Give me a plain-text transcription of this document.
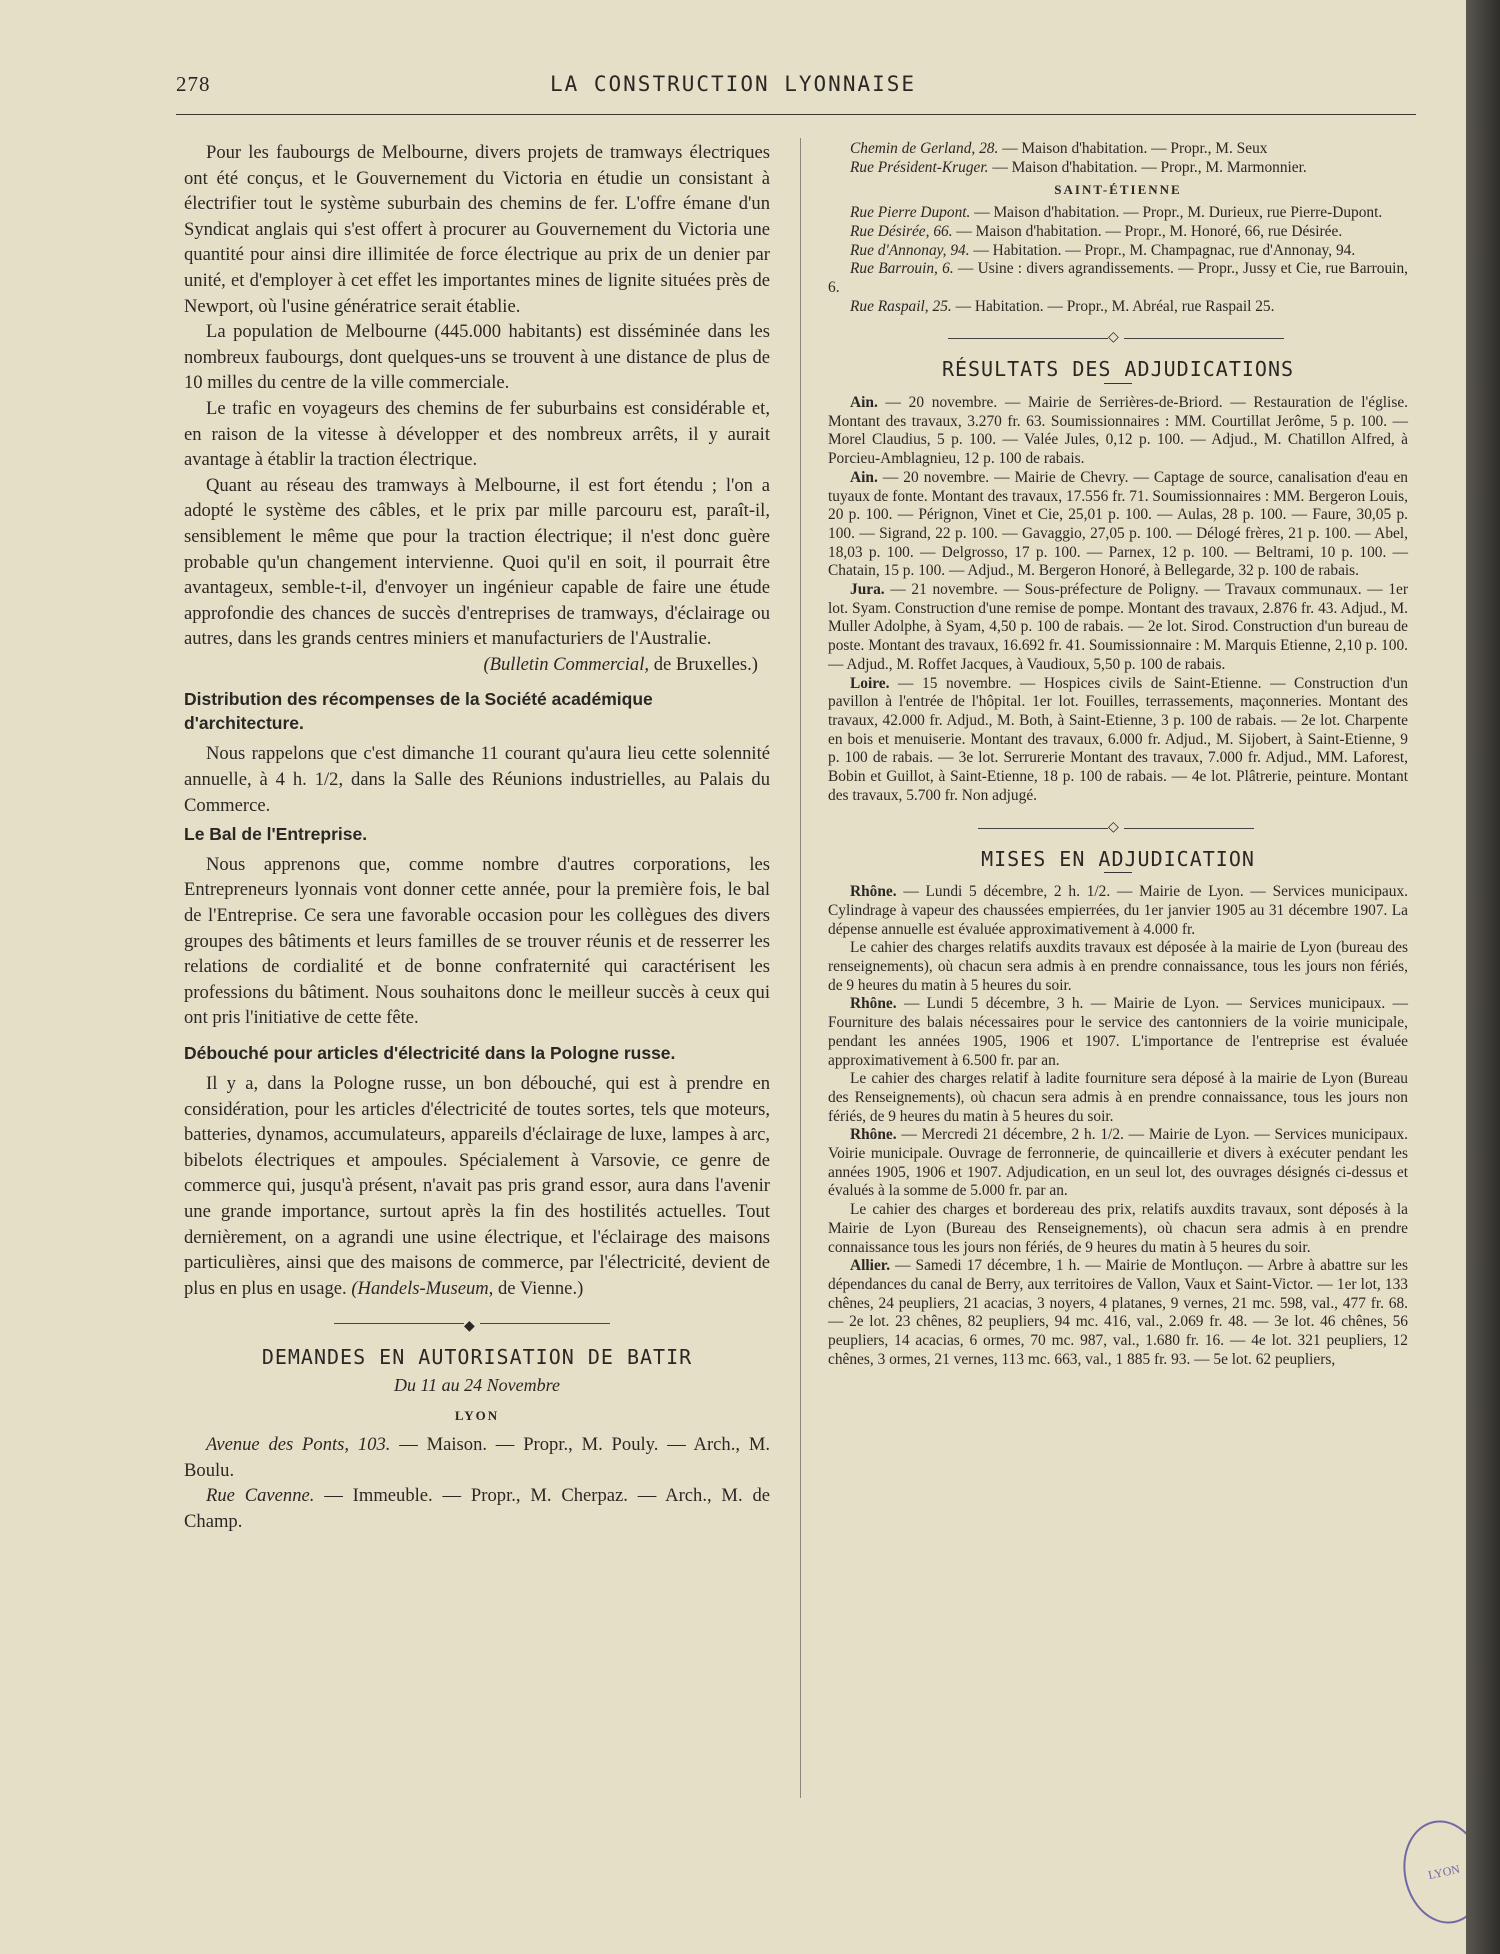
278	LA CONSTRUCTION LYONNAISE

Pour les faubourgs de Melbourne, divers projets de tramways électriques ont été conçus, et le Gouvernement du Victoria en étudie un consistant à électrifier tout le système suburbain des chemins de fer. L'offre émane d'un Syndicat anglais qui s'est offert à procurer au Gouvernement du Victoria une quantité pour ainsi dire illimitée de force électrique au prix de un denier par unité, et d'employer à cet effet les importantes mines de lignite situées près de Newport, où l'usine génératrice serait établie.

La population de Melbourne (445.000 habitants) est disséminée dans les nombreux faubourgs, dont quelques-uns se trouvent à une distance de plus de 10 milles du centre de la ville commerciale.

Le trafic en voyageurs des chemins de fer suburbains est considérable et, en raison de la vitesse à développer et des nombreux arrêts, il y aurait avantage à établir la traction électrique.

Quant au réseau des tramways à Melbourne, il est fort étendu ; l'on a adopté le système des câbles, et le prix par mille parcouru est, paraît-il, sensiblement le même que pour la traction électrique; il n'est donc guère probable qu'un changement intervienne. Quoi qu'il en soit, il pourrait être avantageux, semble-t-il, d'envoyer un ingénieur capable de faire une étude approfondie des chances de succès d'entreprises de tramways, d'éclairage ou autres, dans les grands centres miniers et manufacturiers de l'Australie.

(Bulletin Commercial, de Bruxelles.)

Distribution des récompenses de la Société académique d'architecture.

Nous rappelons que c'est dimanche 11 courant qu'aura lieu cette solennité annuelle, à 4 h. 1/2, dans la Salle des Réunions industrielles, au Palais du Commerce.

Le Bal de l'Entreprise.

Nous apprenons que, comme nombre d'autres corporations, les Entrepreneurs lyonnais vont donner cette année, pour la première fois, le bal de l'Entreprise. Ce sera une favorable occasion pour les collègues des divers groupes des bâtiments et leurs familles de se trouver réunis et de resserrer les relations de cordialité et de bonne confraternité qui caractérisent les professions du bâtiment. Nous souhaitons donc le meilleur succès à ceux qui ont pris l'initiative de cette fête.

Débouché pour articles d'électricité dans la Pologne russe.

Il y a, dans la Pologne russe, un bon débouché, qui est à prendre en considération, pour les articles d'électricité de toutes sortes, tels que moteurs, batteries, dynamos, accumulateurs, appareils d'éclairage de luxe, lampes à arc, bibelots électriques et ampoules. Spécialement à Varsovie, ce genre de commerce qui, jusqu'à présent, n'avait pas pris grand essor, aura dans l'avenir une grande importance, surtout après la fin des hostilités actuelles. Tout dernièrement, on a agrandi une usine électrique, et l'éclairage des maisons particulières, ainsi que des maisons de commerce, par l'électricité, devient de plus en plus en usage. (Handels-Museum, de Vienne.)

◆
DEMANDES EN AUTORISATION DE BATIR
Du 11 au 24 Novembre
LYON

Avenue des Ponts, 103. — Maison. — Propr., M. Pouly. — Arch., M. Boulu.

Rue Cavenne. — Immeuble. — Propr., M. Cherpaz. — Arch., M. de Champ.

Chemin de Gerland, 28. — Maison d'habitation. — Propr., M. Seux

Rue Président-Kruger. — Maison d'habitation. — Propr., M. Marmonnier.

SAINT-ÉTIENNE

Rue Pierre Dupont. — Maison d'habitation. — Propr., M. Durieux, rue Pierre-Dupont.

Rue Désirée, 66. — Maison d'habitation. — Propr., M. Honoré, 66, rue Désirée.

Rue d'Annonay, 94. — Habitation. — Propr., M. Champagnac, rue d'Annonay, 94.

Rue Barrouin, 6. — Usine : divers agrandissements. — Propr., Jussy et Cie, rue Barrouin, 6.

Rue Raspail, 25. — Habitation. — Propr., M. Abréal, rue Raspail 25.

◇
RÉSULTATS DES ADJUDICATIONS

Ain. — 20 novembre. — Mairie de Serrières-de-Briord. — Restauration de l'église. Montant des travaux, 3.270 fr. 63. Soumissionnaires : MM. Courtillat Jerôme, 5 p. 100. — Morel Claudius, 5 p. 100. — Valée Jules, 0,12 p. 100. — Adjud., M. Chatillon Alfred, à Porcieu-Amblagnieu, 12 p. 100 de rabais.

Ain. — 20 novembre. — Mairie de Chevry. — Captage de source, canalisation d'eau en tuyaux de fonte. Montant des travaux, 17.556 fr. 71. Soumissionnaires : MM. Bergeron Louis, 20 p. 100. — Pérignon, Vinet et Cie, 25,01 p. 100. — Aulas, 28 p. 100. — Faure, 30,05 p. 100. — Sigrand, 22 p. 100. — Gavaggio, 27,05 p. 100. — Délogé frères, 21 p. 100. — Abel, 18,03 p. 100. — Delgrosso, 17 p. 100. — Parnex, 12 p. 100. — Beltrami, 10 p. 100. — Chatain, 15 p. 100. — Adjud., M. Bergeron Honoré, à Bellegarde, 32 p. 100 de rabais.

Jura. — 21 novembre. — Sous-préfecture de Poligny. — Travaux communaux. — 1er lot. Syam. Construction d'une remise de pompe. Montant des travaux, 2.876 fr. 43. Adjud., M. Muller Adolphe, à Syam, 4,50 p. 100 de rabais. — 2e lot. Sirod. Construction d'un bureau de poste. Montant des travaux, 16.692 fr. 41. Soumissionnaire : M. Marquis Etienne, 2,10 p. 100. — Adjud., M. Roffet Jacques, à Vaudioux, 5,50 p. 100 de rabais.

Loire. — 15 novembre. — Hospices civils de Saint-Etienne. — Construction d'un pavillon à l'entrée de l'hôpital. 1er lot. Fouilles, terrassements, maçonneries. Montant des travaux, 42.000 fr. Adjud., M. Both, à Saint-Etienne, 3 p. 100 de rabais. — 2e lot. Charpente en bois et menuiserie. Montant des travaux, 6.000 fr. Adjud., M. Sijobert, à Saint-Etienne, 9 p. 100 de rabais. — 3e lot. Serrurerie Montant des travaux, 7.000 fr. Adjud., MM. Laforest, Bobin et Guillot, à Saint-Etienne, 18 p. 100 de rabais. — 4e lot. Plâtrerie, peinture. Montant des travaux, 5.700 fr. Non adjugé.

◇
MISES EN ADJUDICATION

Rhône. — Lundi 5 décembre, 2 h. 1/2. — Mairie de Lyon. — Services municipaux. Cylindrage à vapeur des chaussées empierrées, du 1er janvier 1905 au 31 décembre 1907. La dépense annuelle est évaluée approximativement à 4.000 fr.

Le cahier des charges relatifs auxdits travaux est déposée à la mairie de Lyon (bureau des renseignements), où chacun sera admis à en prendre connaissance, tous les jours non fériés, de 9 heures du matin à 5 heures du soir.

Rhône. — Lundi 5 décembre, 3 h. — Mairie de Lyon. — Services municipaux. — Fourniture des balais nécessaires pour le service des cantonniers de la voirie municipale, pendant les années 1905, 1906 et 1907. L'importance de l'entreprise est évaluée approximativement à 6.500 fr. par an.

Le cahier des charges relatif à ladite fourniture sera déposé à la mairie de Lyon (Bureau des Renseignements), où chacun sera admis à en prendre connaissance, tous les jours non fériés, de 9 heures du matin à 5 heures du soir.

Rhône. — Mercredi 21 décembre, 2 h. 1/2. — Mairie de Lyon. — Services municipaux. Voirie municipale. Ouvrage de ferronnerie, de quincaillerie et divers à exécuter pendant les années 1905, 1906 et 1907. Adjudication, en un seul lot, des ouvrages désignés ci-dessus et évalués à la somme de 5.000 fr. par an.

Le cahier des charges et bordereau des prix, relatifs auxdits travaux, sont déposés à la Mairie de Lyon (Bureau des Renseignements), où chacun sera admis à en prendre connaissance tous les jours non fériés, de 9 heures du matin à 5 heures du soir.

Allier. — Samedi 17 décembre, 1 h. — Mairie de Montluçon. — Arbre à abattre sur les dépendances du canal de Berry, aux territoires de Vallon, Vaux et Saint-Victor. — 1er lot, 133 chênes, 24 peupliers, 21 acacias, 3 noyers, 4 platanes, 9 vernes, 21 mc. 598, val., 477 fr. 68. — 2e lot. 23 chênes, 82 peupliers, 94 mc. 416, val., 2.069 fr. 48. — 3e lot. 46 chênes, 56 peupliers, 14 acacias, 6 ormes, 70 mc. 987, val., 1.680 fr. 16. — 4e lot. 321 peupliers, 12 chênes, 3 ormes, 21 vernes, 113 mc. 663, val., 1 885 fr. 93. — 5e lot. 62 peupliers,

LYON
